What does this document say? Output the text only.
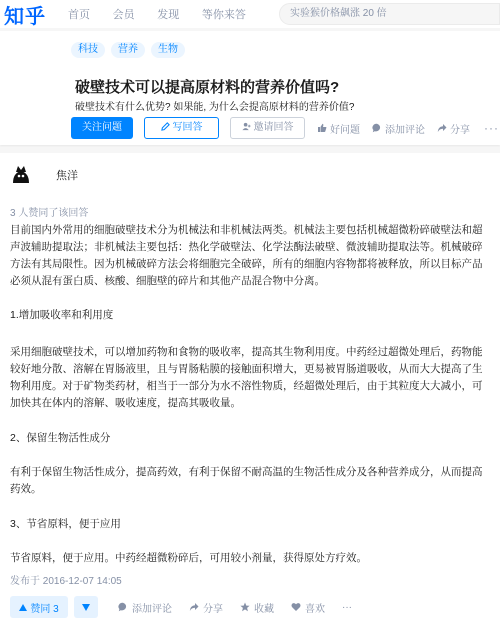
知乎 首页 会员 发现 等你来答	实验猴价格飙涨 20 倍
科技	营养	生物
破壁技术可以提高原材料的营养价值吗?
破壁技术有什么优势? 如果能, 为什么会提高原材料的营养价值?
关注问题	写回答	邀请回答	好问题	添加评论	分享 ···
焦洋
3 人赞同了该回答

目前国内外常用的细胞破壁技术分为机械法和非机械法两类。机械法主要包括机械超微粉碎破壁法和超声波辅助提取法；非机械法主要包括：热化学破壁法、化学法酶法破壁、微波辅助提取法等。机械破碎方法有其局限性。因为机械破碎方法会将细胞完全破碎，所有的细胞内容物都将被释放，所以目标产品必须从混有蛋白质、核酸、细胞壁的碎片和其他产品混合物中分离。

1.增加吸收率和利用度

采用细胞破壁技术，可以增加药物和食物的吸收率，提高其生物利用度。中药经过超微处理后，药物能较好地分散、溶解在胃肠液里，且与胃肠粘膜的接触面积增大，更易被胃肠道吸收，从而大大提高了生物利用度。对于矿物类药材，相当于一部分为水不溶性物质，经超微处理后，由于其粒度大大减小，可加快其在体内的溶解、吸收速度，提高其吸收量。

2、保留生物活性成分

有利于保留生物活性成分，提高药效，有利于保留不耐高温的生物活性成分及各种营养成分，从而提高药效。

3、节省原料，便于应用

节省原料，便于应用。中药经超微粉碎后，可用较小剂量，获得原处方疗效。

发布于 2016-12-07 14:05
赞同 3	添加评论	分享	收藏	喜欢 ···
